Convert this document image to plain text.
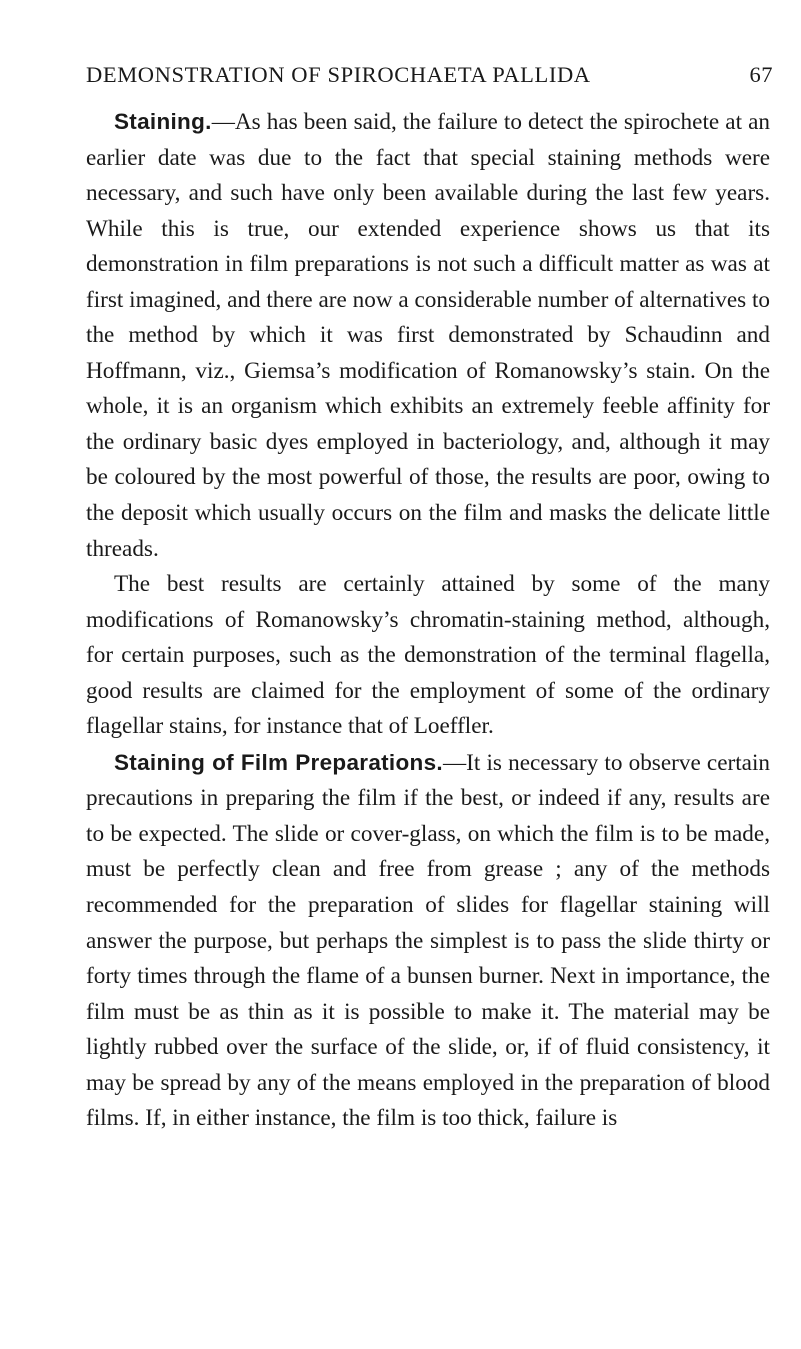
DEMONSTRATION OF SPIROCHAETA PALLIDA	67

Staining.—As has been said, the failure to detect the spirochete at an earlier date was due to the fact that special staining methods were necessary, and such have only been available during the last few years. While this is true, our extended experience shows us that its demonstration in film preparations is not such a difficult matter as was at first imagined, and there are now a considerable number of alternatives to the method by which it was first demonstrated by Schaudinn and Hoffmann, viz., Giemsa’s modification of Romanowsky’s stain. On the whole, it is an organism which exhibits an extremely feeble affinity for the ordinary basic dyes employed in bacteriology, and, although it may be coloured by the most powerful of those, the results are poor, owing to the deposit which usually occurs on the film and masks the delicate little threads.

The best results are certainly attained by some of the many modifications of Romanowsky’s chromatin-staining method, although, for certain purposes, such as the demonstration of the terminal flagella, good results are claimed for the employment of some of the ordinary flagellar stains, for instance that of Loeffler.

Staining of Film Preparations.—It is necessary to observe certain precautions in preparing the film if the best, or indeed if any, results are to be expected. The slide or cover-glass, on which the film is to be made, must be perfectly clean and free from grease ; any of the methods recommended for the preparation of slides for flagellar staining will answer the purpose, but perhaps the simplest is to pass the slide thirty or forty times through the flame of a bunsen burner. Next in importance, the film must be as thin as it is possible to make it. The material may be lightly rubbed over the surface of the slide, or, if of fluid consistency, it may be spread by any of the means employed in the preparation of blood films. If, in either instance, the film is too thick, failure is
